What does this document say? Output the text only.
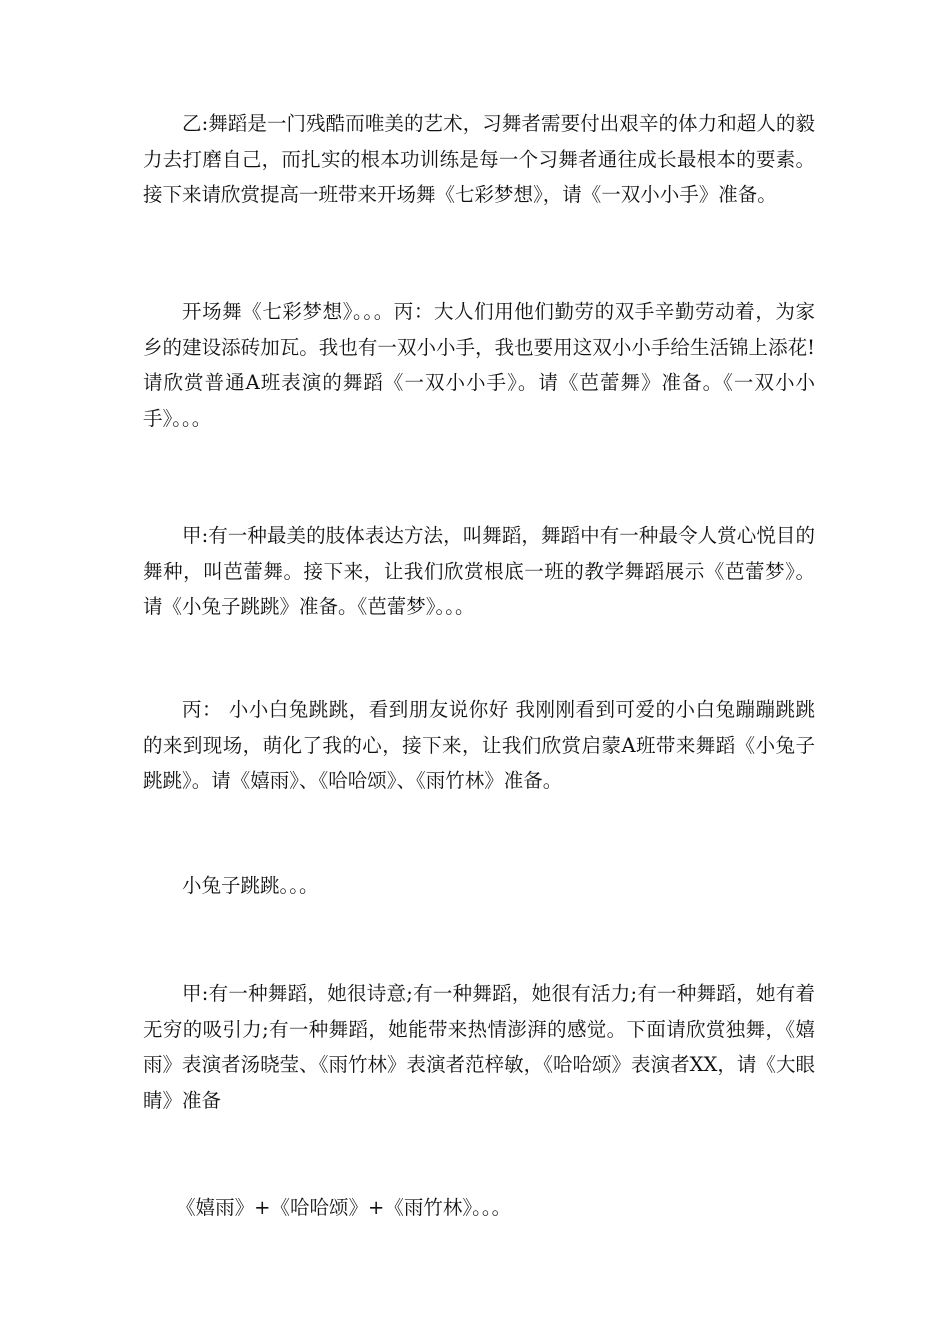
乙:舞蹈是一门残酷而唯美的艺术，习舞者需要付出艰辛的体力和超人的毅力去打磨自己，而扎实的根本功训练是每一个习舞者通往成长最根本的要素。接下来请欣赏提高一班带来开场舞《七彩梦想》，请《一双小小手》准备。

开场舞《七彩梦想》。。。丙：大人们用他们勤劳的双手辛勤劳动着，为家乡的建设添砖加瓦。我也有一双小小手，我也要用这双小小手给生活锦上添花!请欣赏普通A班表演的舞蹈《一双小小手》。请《芭蕾舞》准备。《一双小小手》。。。

甲:有一种最美的肢体表达方法，叫舞蹈，舞蹈中有一种最令人赏心悦目的舞种，叫芭蕾舞。接下来，让我们欣赏根底一班的教学舞蹈展示《芭蕾梦》。请《小兔子跳跳》准备。《芭蕾梦》。。。

丙： 小小白兔跳跳，看到朋友说你好 我刚刚看到可爱的小白兔蹦蹦跳跳的来到现场，萌化了我的心，接下来，让我们欣赏启蒙A班带来舞蹈《小兔子跳跳》。请《嬉雨》、《哈哈颂》、《雨竹林》准备。

小兔子跳跳。。。

甲:有一种舞蹈，她很诗意;有一种舞蹈，她很有活力;有一种舞蹈，她有着无穷的吸引力;有一种舞蹈，她能带来热情澎湃的感觉。下面请欣赏独舞，《嬉雨》表演者汤晓莹、《雨竹林》表演者范梓敏，《哈哈颂》表演者XX，请《大眼睛》准备

《嬉雨》+《哈哈颂》+《雨竹林》。。。
